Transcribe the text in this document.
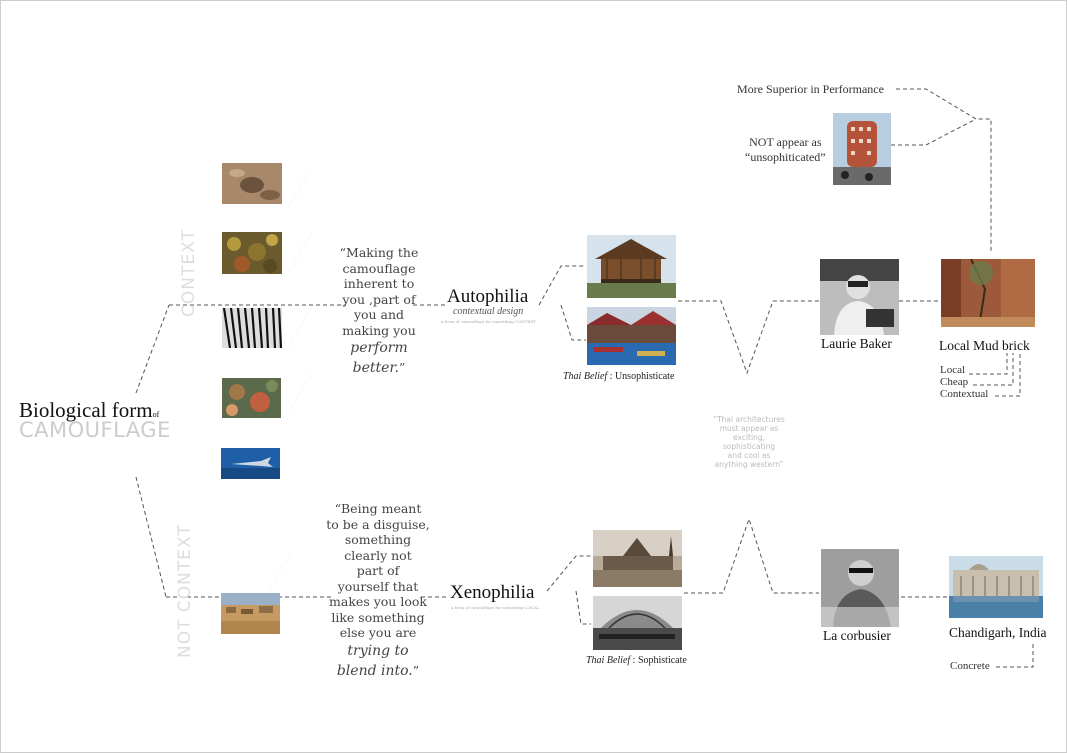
Biological formof
CAMOUFLAGE
CONTEXT
NOT CONTEXT
............................................
............................................
............................................
............................................
............................................
“Making the
camouflage
inherent to
you ,part of
you and
making you
perform
better.”
“Being meant
to be a disguise,
something
clearly not
part of
yourself that
makes you look
like something
else you are
trying to
blend into.”
Autophilia
contextual design
a form of camouflage for something CONTEXT
Xenophilia
a form of camouflage for something LOCAL
Thai Belief : Unsophisticate
Thai Belief : Sophisticate
“Thai architectures
must appear as
exciting,
sophisticating
and cool as
anything western”
Laurie Baker	Local Mud brick
Local
Cheap
Contextual
More Superior in Performance
NOT appear as
“unsophiticated”
La corbusier	Chandigarh, India
Concrete
